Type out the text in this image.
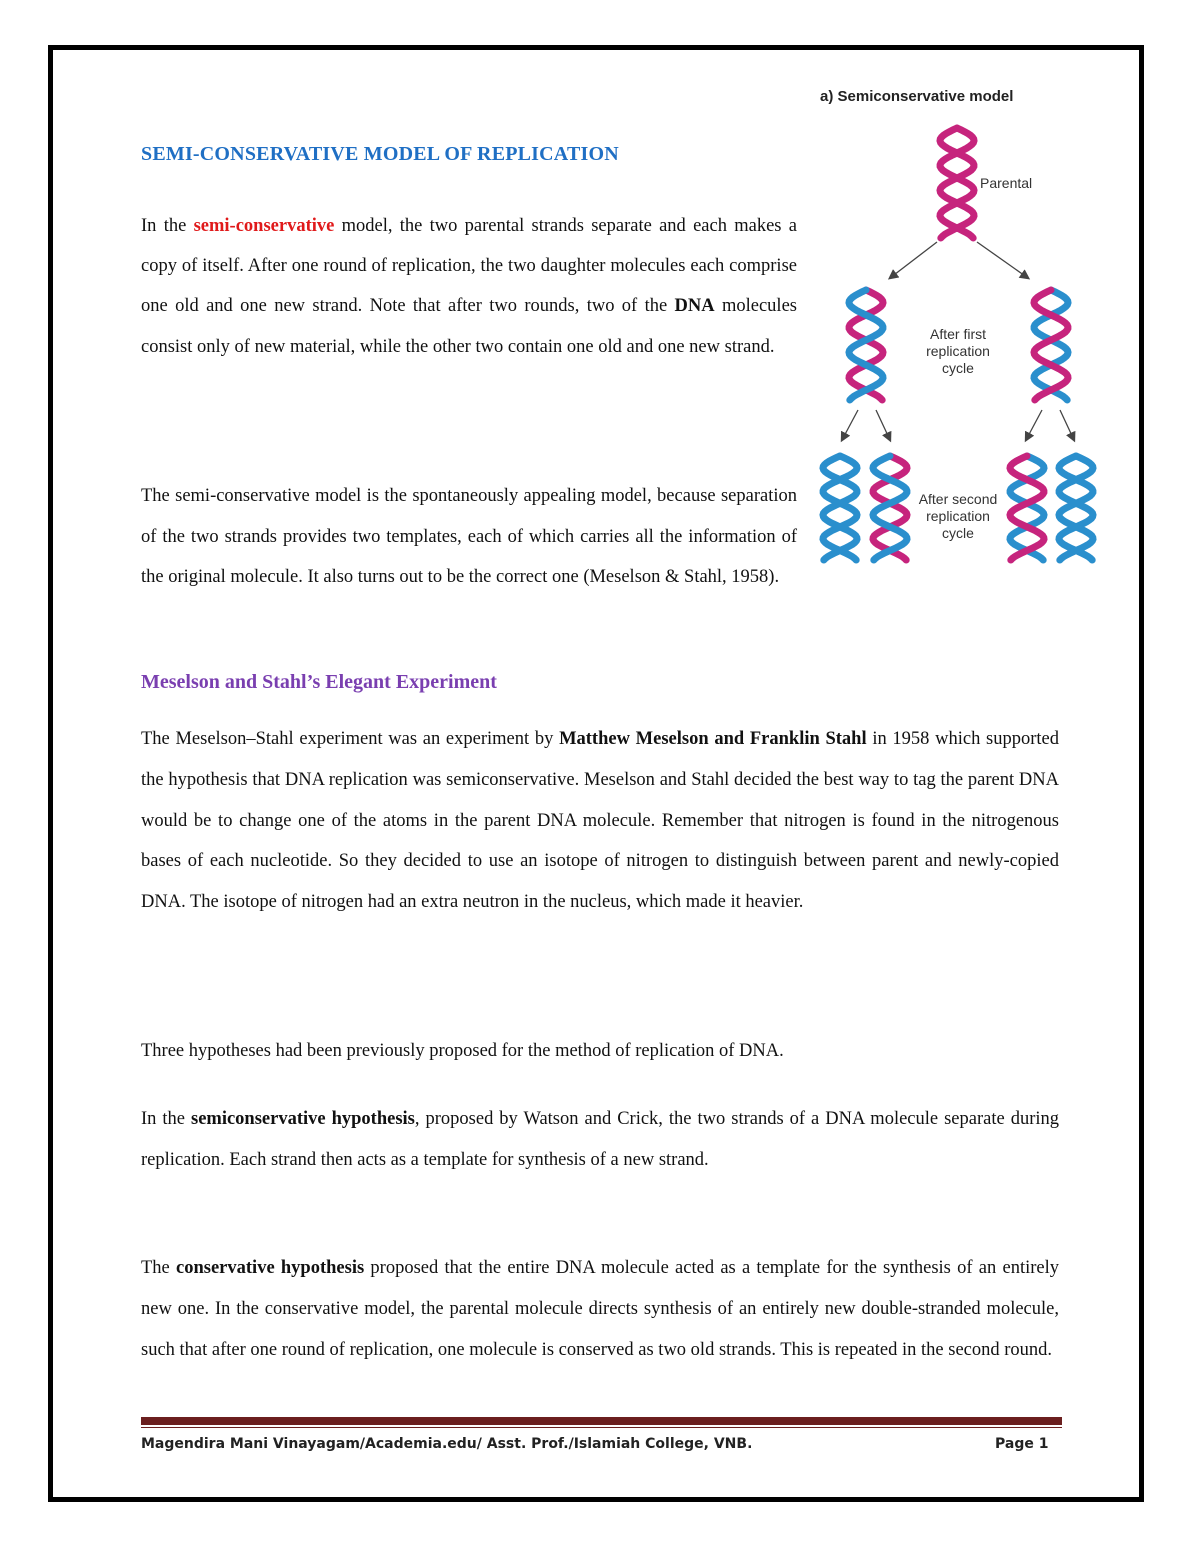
SEMI-CONSERVATIVE MODEL OF REPLICATION

In the semi-conservative model, the two parental strands separate and each makes a copy of itself. After one round of replication, the two daughter molecules each comprise one old and one new strand. Note that after two rounds, two of the DNA molecules consist only of new material, while the other two contain one old and one new strand.

The semi-conservative model is the spontaneously appealing model, because separation of the two strands provides two templates, each of which carries all the information of the original molecule. It also turns out to be the correct one (Meselson & Stahl, 1958).

a) Semiconservative model
Parental
After first
replication
cycle
After second
replication
cycle
Meselson and Stahl’s Elegant Experiment

The Meselson–Stahl experiment was an experiment by Matthew Meselson and Franklin Stahl in 1958 which supported the hypothesis that DNA replication was semiconservative. Meselson and Stahl decided the best way to tag the parent DNA would be to change one of the atoms in the parent DNA molecule. Remember that nitrogen is found in the nitrogenous bases of each nucleotide. So they decided to use an isotope of nitrogen to distinguish between parent and newly-copied DNA. The isotope of nitrogen had an extra neutron in the nucleus, which made it heavier.

Three hypotheses had been previously proposed for the method of replication of DNA.

In the semiconservative hypothesis, proposed by Watson and Crick, the two strands of a DNA molecule separate during replication. Each strand then acts as a template for synthesis of a new strand.

The conservative hypothesis proposed that the entire DNA molecule acted as a template for the synthesis of an entirely new one. In the conservative model, the parental molecule directs synthesis of an entirely new double-stranded molecule, such that after one round of replication, one molecule is conserved as two old strands. This is repeated in the second round.

Magendira Mani Vinayagam/Academia.edu/ Asst. Prof./Islamiah College, VNB.	Page 1
